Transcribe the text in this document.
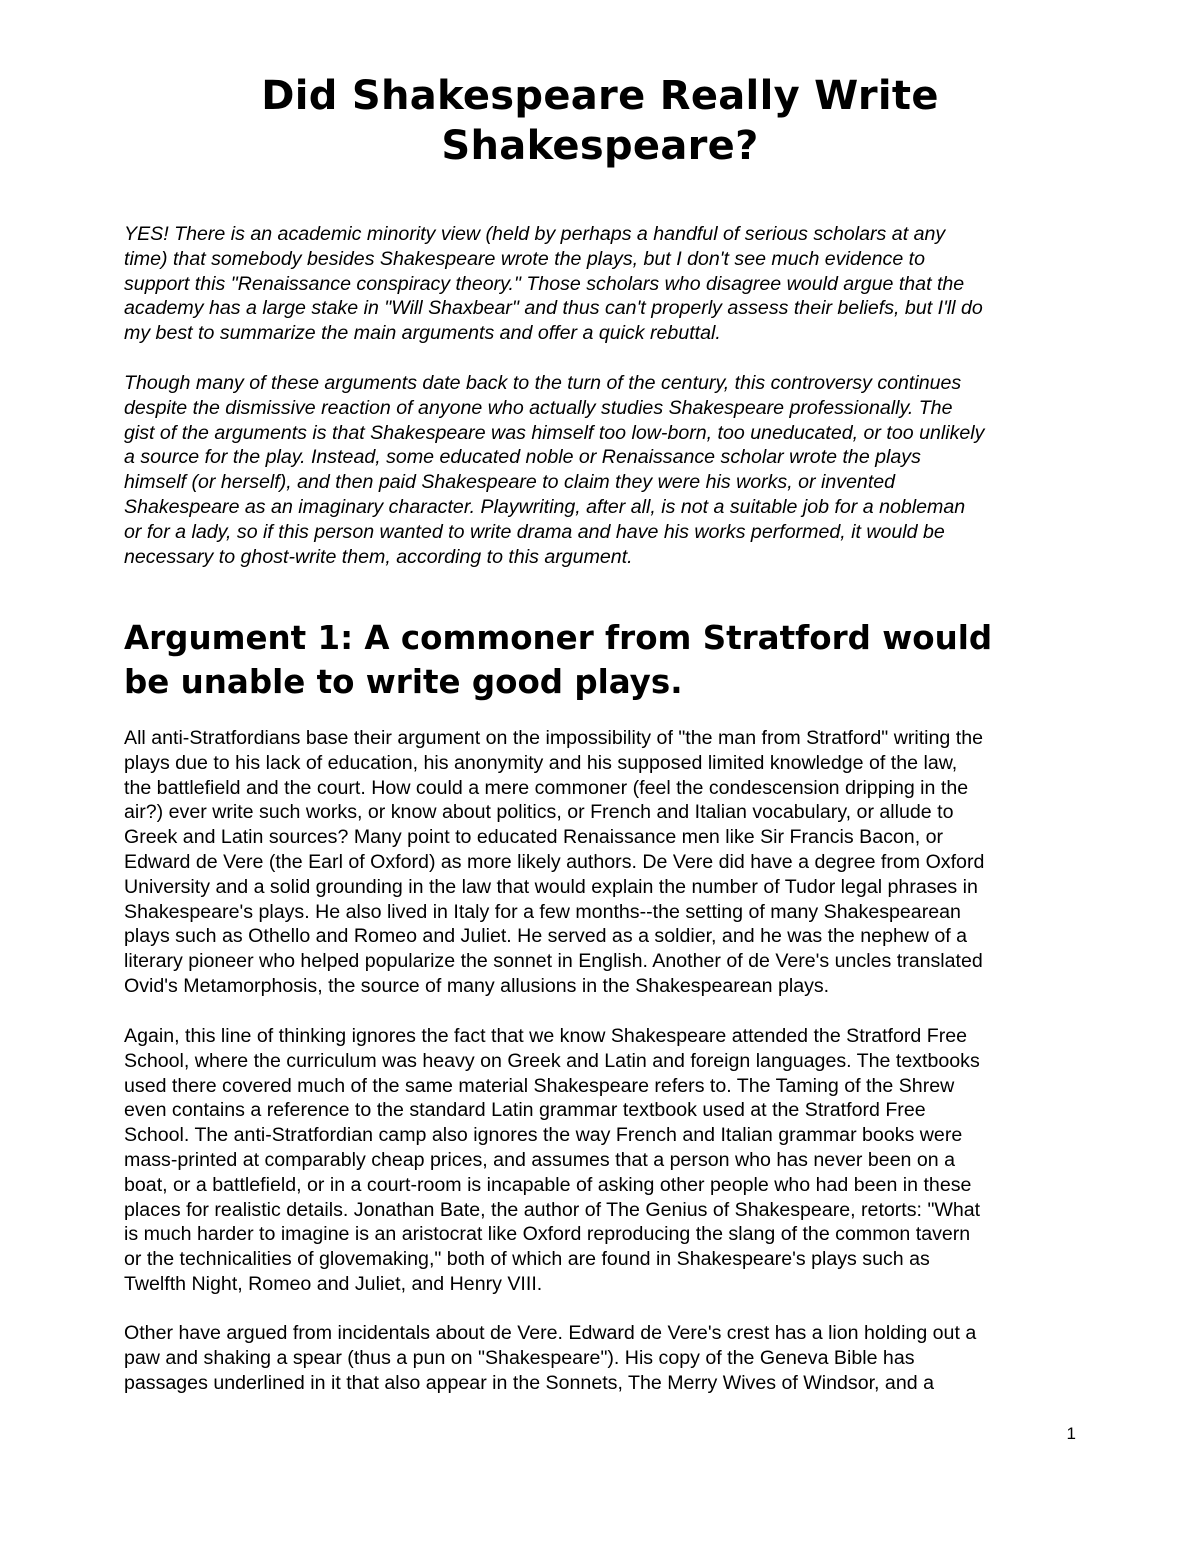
Did Shakespeare Really Write
Shakespeare?

YES! There is an academic minority view (held by perhaps a handful of serious scholars at any
time) that somebody besides Shakespeare wrote the plays, but I don't see much evidence to
support this "Renaissance conspiracy theory." Those scholars who disagree would argue that the
academy has a large stake in "Will Shaxbear" and thus can't properly assess their beliefs, but I'll do
my best to summarize the main arguments and offer a quick rebuttal.

Though many of these arguments date back to the turn of the century, this controversy continues
despite the dismissive reaction of anyone who actually studies Shakespeare professionally. The
gist of the arguments is that Shakespeare was himself too low-born, too uneducated, or too unlikely
a source for the play. Instead, some educated noble or Renaissance scholar wrote the plays
himself (or herself), and then paid Shakespeare to claim they were his works, or invented
Shakespeare as an imaginary character. Playwriting, after all, is not a suitable job for a nobleman
or for a lady, so if this person wanted to write drama and have his works performed, it would be
necessary to ghost-write them, according to this argument.

Argument 1: A commoner from Stratford would
be unable to write good plays.

All anti-Stratfordians base their argument on the impossibility of "the man from Stratford" writing the
plays due to his lack of education, his anonymity and his supposed limited knowledge of the law,
the battlefield and the court. How could a mere commoner (feel the condescension dripping in the
air?) ever write such works, or know about politics, or French and Italian vocabulary, or allude to
Greek and Latin sources? Many point to educated Renaissance men like Sir Francis Bacon, or
Edward de Vere (the Earl of Oxford) as more likely authors. De Vere did have a degree from Oxford
University and a solid grounding in the law that would explain the number of Tudor legal phrases in
Shakespeare's plays. He also lived in Italy for a few months--the setting of many Shakespearean
plays such as Othello and Romeo and Juliet. He served as a soldier, and he was the nephew of a
literary pioneer who helped popularize the sonnet in English. Another of de Vere's uncles translated
Ovid's Metamorphosis, the source of many allusions in the Shakespearean plays.

Again, this line of thinking ignores the fact that we know Shakespeare attended the Stratford Free
School, where the curriculum was heavy on Greek and Latin and foreign languages. The textbooks
used there covered much of the same material Shakespeare refers to. The Taming of the Shrew
even contains a reference to the standard Latin grammar textbook used at the Stratford Free
School. The anti-Stratfordian camp also ignores the way French and Italian grammar books were
mass-printed at comparably cheap prices, and assumes that a person who has never been on a
boat, or a battlefield, or in a court-room is incapable of asking other people who had been in these
places for realistic details. Jonathan Bate, the author of The Genius of Shakespeare, retorts: "What
is much harder to imagine is an aristocrat like Oxford reproducing the slang of the common tavern
or the technicalities of glovemaking," both of which are found in Shakespeare's plays such as
Twelfth Night, Romeo and Juliet, and Henry VIII.

Other have argued from incidentals about de Vere. Edward de Vere's crest has a lion holding out a
paw and shaking a spear (thus a pun on "Shakespeare"). His copy of the Geneva Bible has
passages underlined in it that also appear in the Sonnets, The Merry Wives of Windsor, and a

1
